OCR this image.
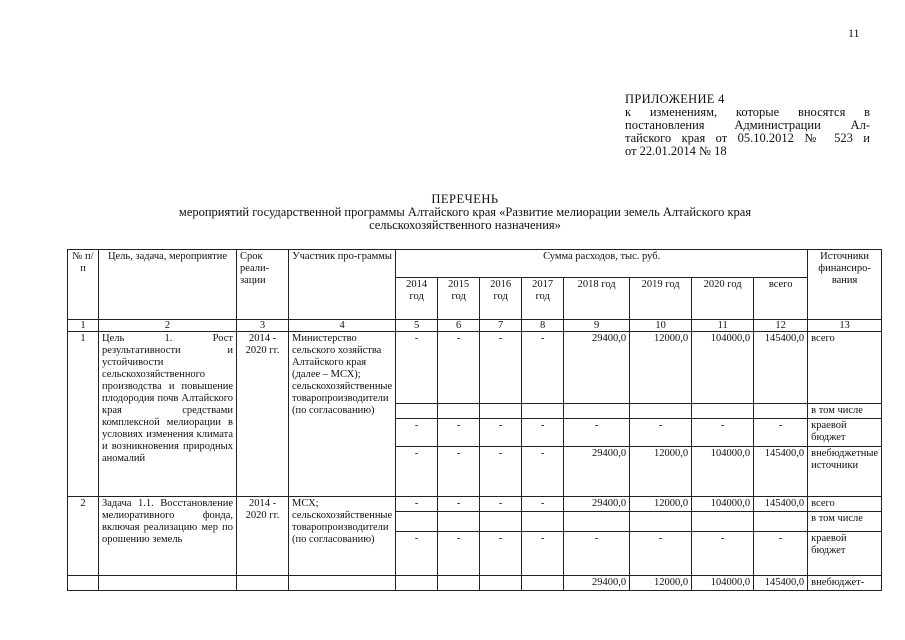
11
ПРИЛОЖЕНИЕ 4
к изменениям, которые вносятся в
постановления Администрации Ал-
тайского края от 05.10.2012 № 523 и
от 22.01.2014 № 18
ПЕРЕЧЕНЬ
мероприятий государственной программы Алтайского края «Развитие мелиорации земель Алтайского края
сельскохозяйственного назначения»
№ п/п	Цель, задача, мероприятие	Срок реали-зации	Участник про-граммы	Сумма расходов, тыс. руб.								Источники финансиро-вания
				2014 год	2015 год	2016 год	2017 год	2018 год	2019 год	2020 год	всего	
1	2	3	4	5	6	7	8	9	10	11	12	13
1	Цель 1. Рост результативности и устойчивости сельскохозяйственного производства и повышение плодородия почв Алтайского края средствами комплексной мелиорации в условиях изменения климата и возникновения природных аномалий	2014 - 2020 гг.	Министерство сельского хозяйства Алтайского края (далее – МСХ); сельскохозяйственные товаропроизводители (по согласованию)	-	-	-	-	29400,0	12000,0	104000,0	145400,0	всего
												в том числе
				-	-	-	-	-	-	-	-	краевой бюджет
				-	-	-	-	29400,0	12000,0	104000,0	145400,0	внебюджетные источники
2	Задача 1.1. Восстановление мелиоративного фонда, включая реализацию мер по орошению земель	2014 - 2020 гг.	МСХ; сельскохозяйственные товаропроизводители (по согласованию)	-	-	-	-	29400,0	12000,0	104000,0	145400,0	всего
												в том числе
				-	-	-	-	-	-	-	-	краевой бюджет
								29400,0	12000,0	104000,0	145400,0	внебюджет-
